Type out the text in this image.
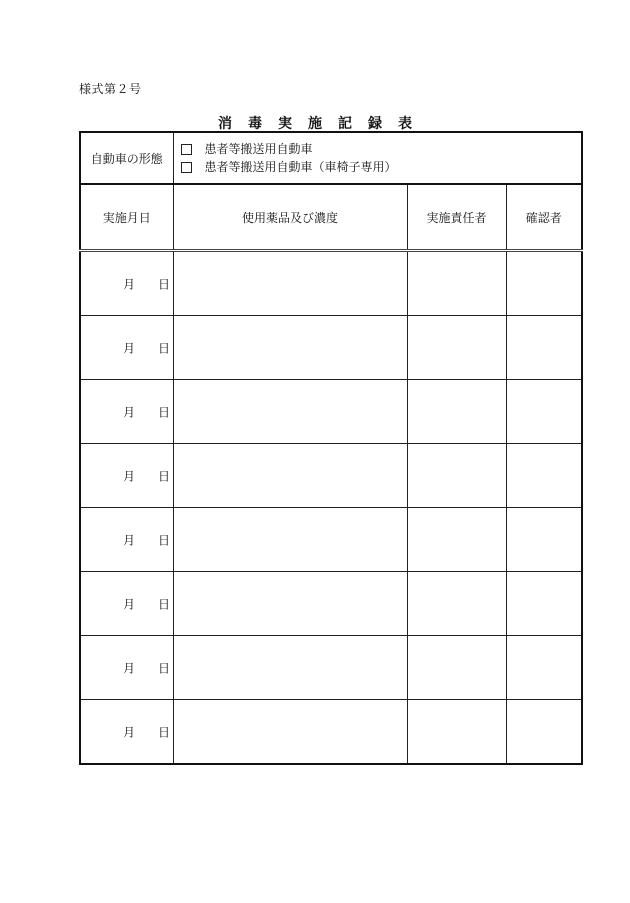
様式第２号
消 毒 実 施 記 録 表
自動車の形態	患者等搬送用自動車
患者等搬送用自動車（車椅子専用）		

実施月日	使用薬品及び濃度	実施責任者	確認者

月 日			

月 日			

月 日			

月 日			

月 日			

月 日			

月 日			

月 日			
